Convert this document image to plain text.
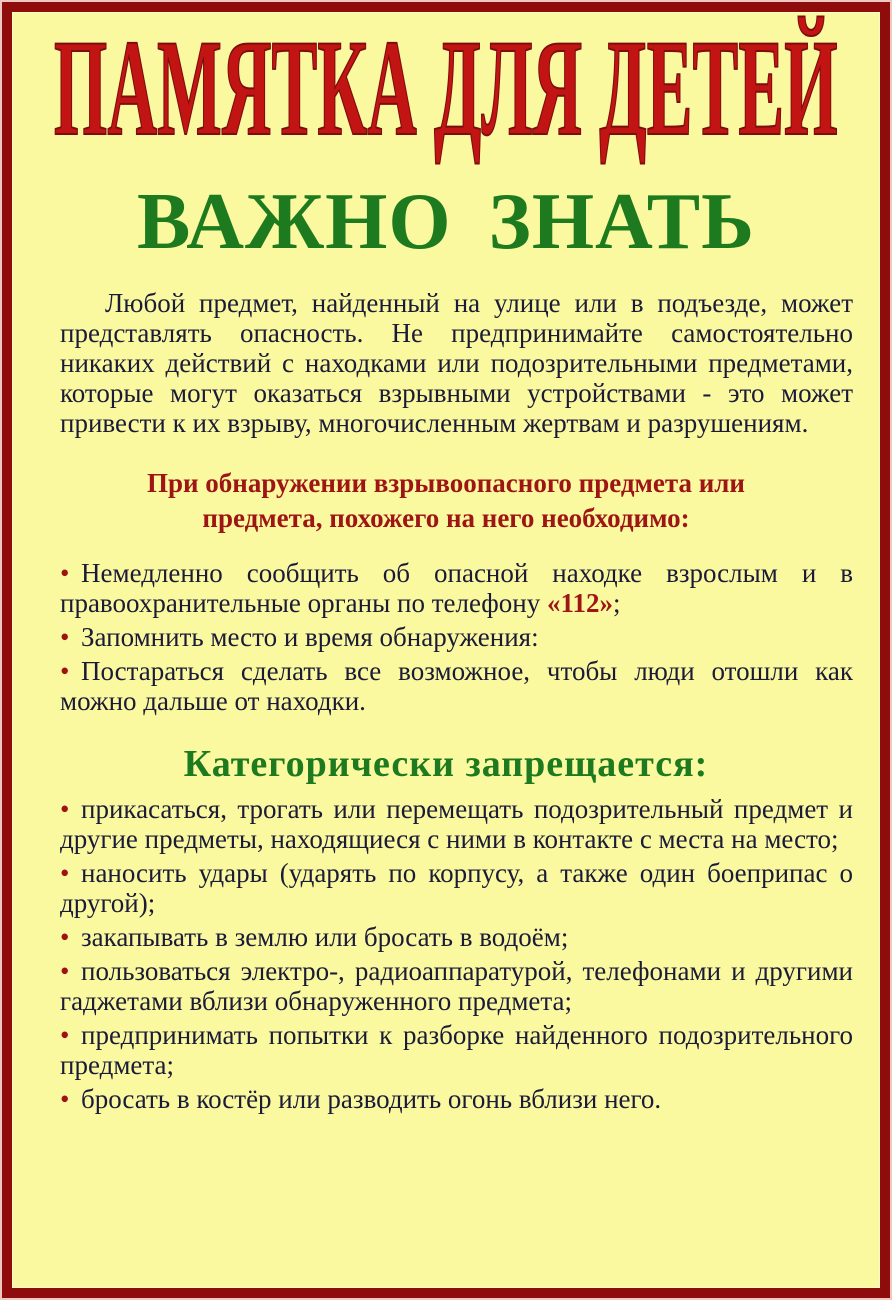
ПАМЯТКА ДЛЯ ДЕТЕЙ
ВАЖНО ЗНАТЬ

Любой предмет, найденный на улице или в подъезде, может представлять опасность. Не предпринимайте самостоятельно никаких действий с находками или подозрительными предметами, которые могут оказаться взрывными устройствами - это может привести к их взрыву, многочисленным жертвам и разрушениям.

При обнаружении взрывоопасного предмета или предмета, похожего на него необходимо:
• Немедленно сообщить об опасной находке взрослым и в правоохранительные органы по телефону «112»;
• Запомнить место и время обнаружения:
• Постараться сделать все возможное, чтобы люди отошли как можно дальше от находки.
Категорически запрещается:
• прикасаться, трогать или перемещать подозрительный предмет и другие предметы, находящиеся с ними в контакте с места на место;
• наносить удары (ударять по корпусу, а также один боеприпас о другой);
• закапывать в землю или бросать в водоём;
• пользоваться электро-, радиоаппаратурой, телефонами и другими гаджетами вблизи обнаруженного предмета;
• предпринимать попытки к разборке найденного подозрительного предмета;
• бросать в костёр или разводить огонь вблизи него.
